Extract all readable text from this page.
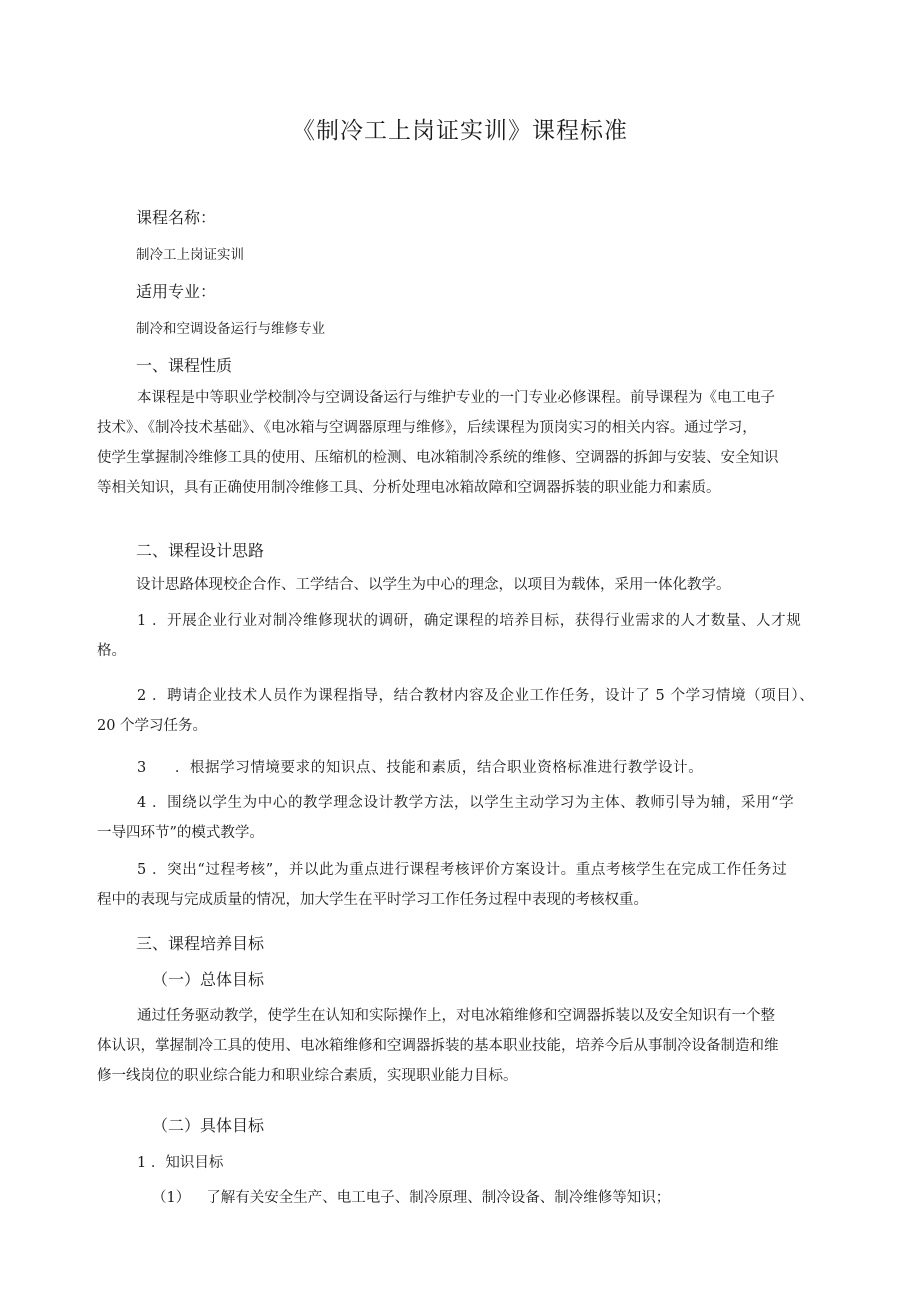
《制冷工上岗证实训》课程标准
课程名称：
制冷工上岗证实训
适用专业：
制冷和空调设备运行与维修专业
一、课程性质
本课程是中等职业学校制冷与空调设备运行与维护专业的一门专业必修课程。前导课程为《电工电子
技术》、《制冷技术基础》、《电冰箱与空调器原理与维修》，后续课程为顶岗实习的相关内容。通过学习，
使学生掌握制冷维修工具的使用、压缩机的检测、电冰箱制冷系统的维修、空调器的拆卸与安装、安全知识
等相关知识，具有正确使用制冷维修工具、分析处理电冰箱故障和空调器拆装的职业能力和素质。
二、课程设计思路
设计思路体现校企合作、工学结合、以学生为中心的理念，以项目为载体，采用一体化教学。
1 ．开展企业行业对制冷维修现状的调研，确定课程的培养目标，获得行业需求的人才数量、人才规
格。
2 ．聘请企业技术人员作为课程指导，结合教材内容及企业工作任务，设计了 5 个学习情境（项目）、
20 个学习任务。
3 ．根据学习情境要求的知识点、技能和素质，结合职业资格标准进行教学设计。
4 ．围绕以学生为中心的教学理念设计教学方法，以学生主动学习为主体、教师引导为辅，采用“学
一导四环节”的模式教学。
5 ．突出“过程考核”，并以此为重点进行课程考核评价方案设计。重点考核学生在完成工作任务过
程中的表现与完成质量的情况，加大学生在平时学习工作任务过程中表现的考核权重。
三、课程培养目标
（一）总体目标
通过任务驱动教学，使学生在认知和实际操作上，对电冰箱维修和空调器拆装以及安全知识有一个整
体认识，掌握制冷工具的使用、电冰箱维修和空调器拆装的基本职业技能，培养今后从事制冷设备制造和维
修一线岗位的职业综合能力和职业综合素质，实现职业能力目标。
（二）具体目标
1 ．知识目标
（1） 了解有关安全生产、电工电子、制冷原理、制冷设备、制冷维修等知识；
